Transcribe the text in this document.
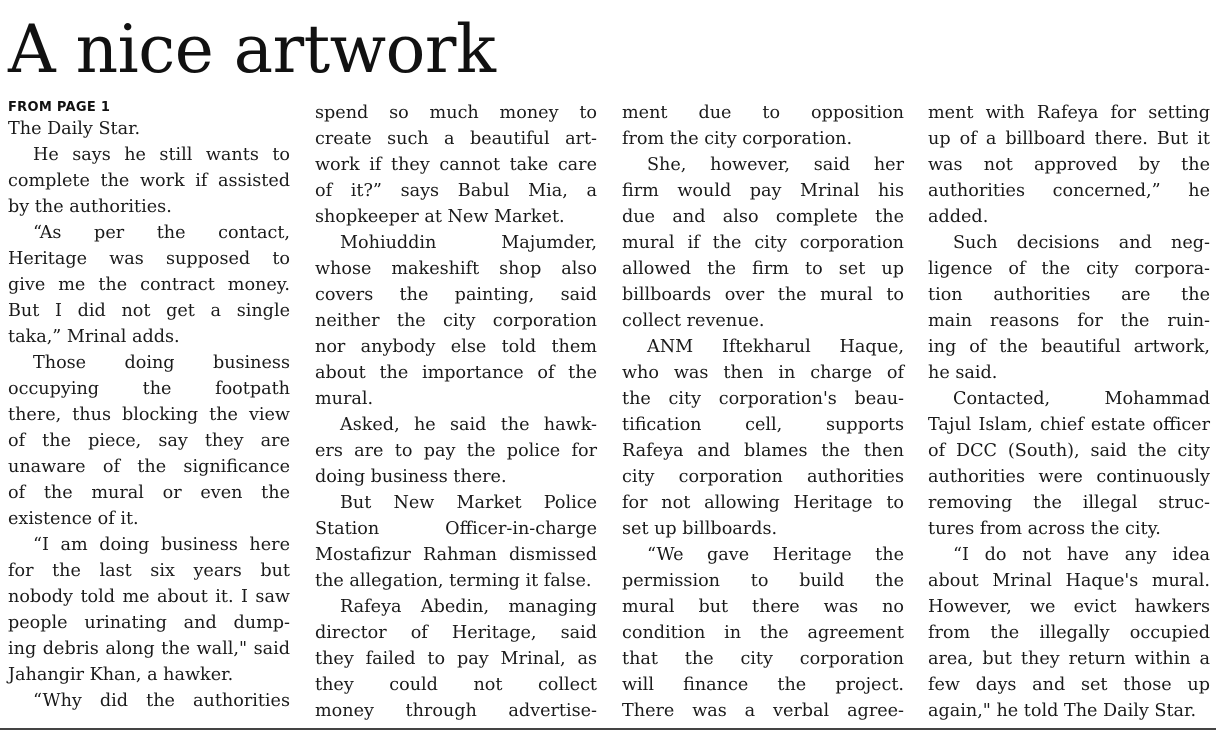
A nice artwork
FROM PAGE 1
The Daily Star.
He says he still wants to
complete the work if assisted
by the authorities.
“As per the contact,
Heritage was supposed to
give me the contract money.
But I did not get a single
taka,” Mrinal adds.
Those doing business
occupying the footpath
there, thus blocking the view
of the piece, say they are
unaware of the significance
of the mural or even the
existence of it.
“I am doing business here
for the last six years but
nobody told me about it. I saw
people urinating and dump-
ing debris along the wall," said
Jahangir Khan, a hawker.
“Why did the authorities
spend so much money to
create such a beautiful art-
work if they cannot take care
of it?” says Babul Mia, a
shopkeeper at New Market.
Mohiuddin Majumder,
whose makeshift shop also
covers the painting, said
neither the city corporation
nor anybody else told them
about the importance of the
mural.
Asked, he said the hawk-
ers are to pay the police for
doing business there.
But New Market Police
Station Officer-in-charge
Mostafizur Rahman dismissed
the allegation, terming it false.
Rafeya Abedin, managing
director of Heritage, said
they failed to pay Mrinal, as
they could not collect
money through advertise-
ment due to opposition
from the city corporation.
She, however, said her
firm would pay Mrinal his
due and also complete the
mural if the city corporation
allowed the firm to set up
billboards over the mural to
collect revenue.
ANM Iftekharul Haque,
who was then in charge of
the city corporation's beau-
tification cell, supports
Rafeya and blames the then
city corporation authorities
for not allowing Heritage to
set up billboards.
“We gave Heritage the
permission to build the
mural but there was no
condition in the agreement
that the city corporation
will finance the project.
There was a verbal agree-
ment with Rafeya for setting
up of a billboard there. But it
was not approved by the
authorities concerned,” he
added.
Such decisions and neg-
ligence of the city corpora-
tion authorities are the
main reasons for the ruin-
ing of the beautiful artwork,
he said.
Contacted, Mohammad
Tajul Islam, chief estate officer
of DCC (South), said the city
authorities were continuously
removing the illegal struc-
tures from across the city.
“I do not have any idea
about Mrinal Haque's mural.
However, we evict hawkers
from the illegally occupied
area, but they return within a
few days and set those up
again," he told The Daily Star.
